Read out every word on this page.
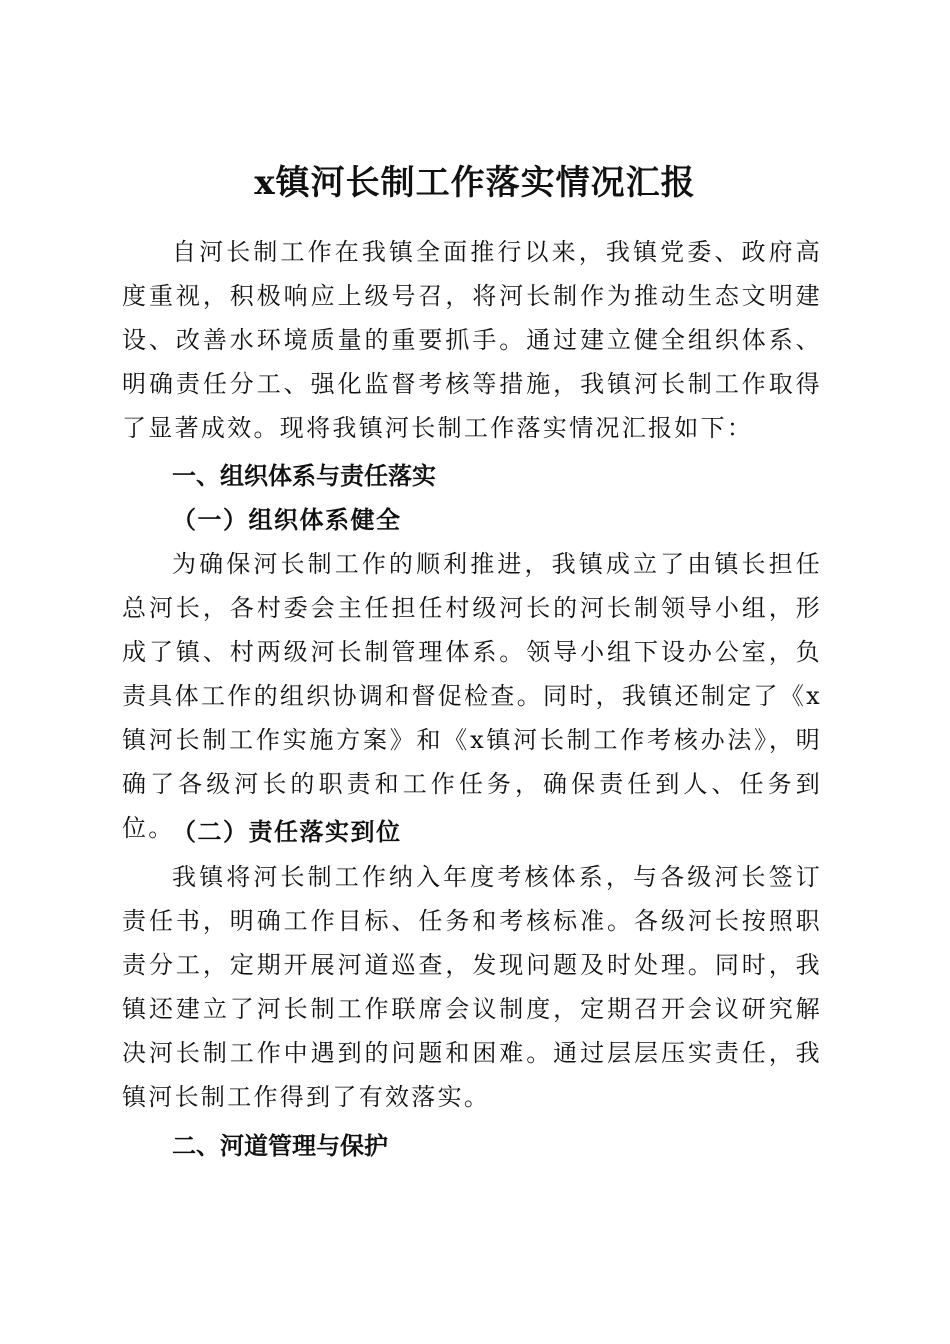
x镇河长制工作落实情况汇报

自河长制工作在我镇全面推行以来，我镇党委、政府高度重视，积极响应上级号召，将河长制作为推动生态文明建设、改善水环境质量的重要抓手。通过建立健全组织体系、明确责任分工、强化监督考核等措施，我镇河长制工作取得了显著成效。现将我镇河长制工作落实情况汇报如下：

一、组织体系与责任落实
（一）组织体系健全

为确保河长制工作的顺利推进，我镇成立了由镇长担任总河长，各村委会主任担任村级河长的河长制领导小组，形成了镇、村两级河长制管理体系。领导小组下设办公室，负责具体工作的组织协调和督促检查。同时，我镇还制定了《x镇河长制工作实施方案》和《x镇河长制工作考核办法》，明确了各级河长的职责和工作任务，确保责任到人、任务到位。

（二）责任落实到位

我镇将河长制工作纳入年度考核体系，与各级河长签订责任书，明确工作目标、任务和考核标准。各级河长按照职责分工，定期开展河道巡查，发现问题及时处理。同时，我镇还建立了河长制工作联席会议制度，定期召开会议研究解决河长制工作中遇到的问题和困难。通过层层压实责任，我镇河长制工作得到了有效落实。

二、河道管理与保护
